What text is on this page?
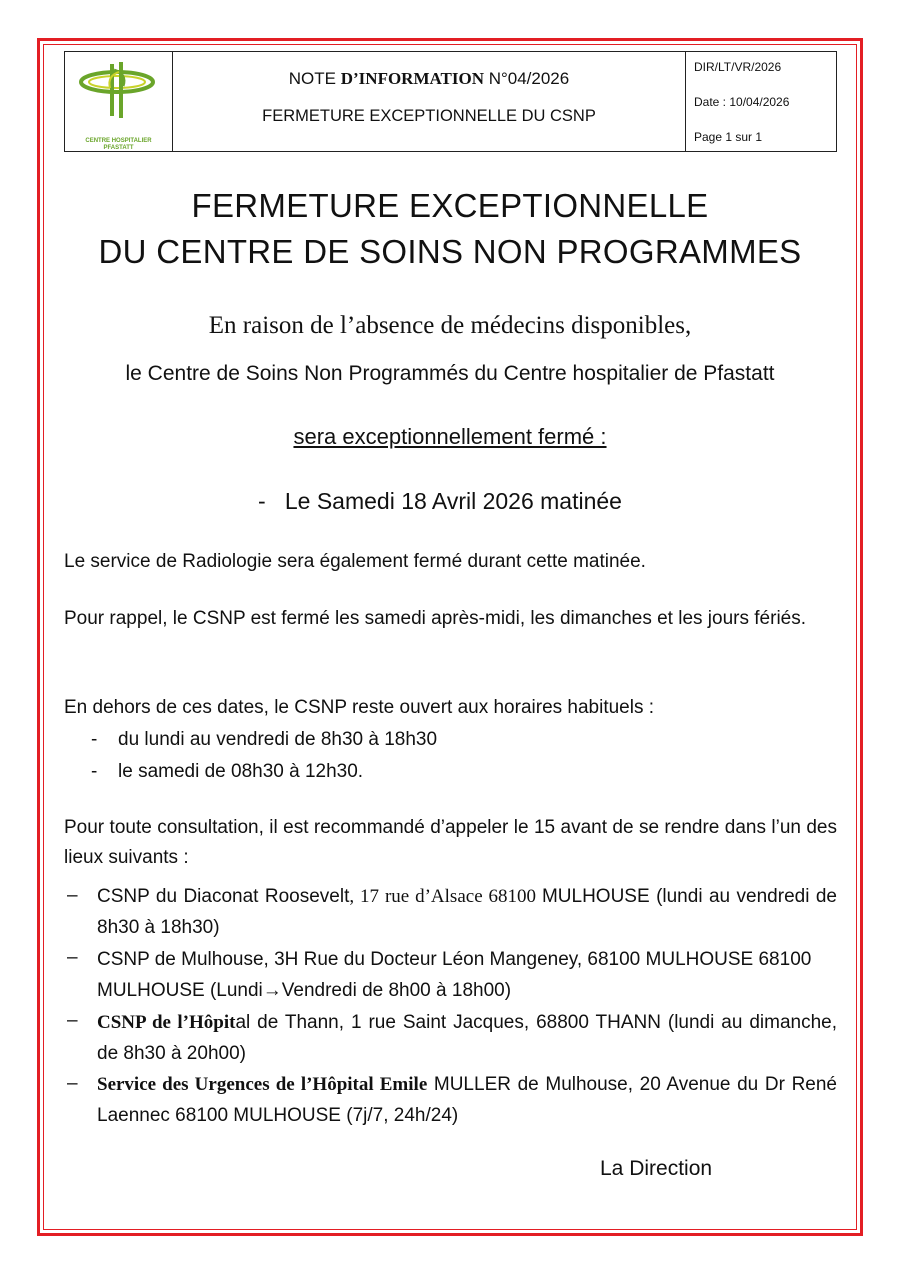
CENTRE HOSPITALIER
PFASTATT
NOTE D’INFORMATION N°04/2026
FERMETURE EXCEPTIONNELLE DU CSNP
DIR/LT/VR/2026
Date : 10/04/2026
Page 1 sur 1
FERMETURE EXCEPTIONNELLE
DU CENTRE DE SOINS NON PROGRAMMES
En raison de l’absence de médecins disponibles,
le Centre de Soins Non Programmés du Centre hospitalier de Pfastatt
sera exceptionnellement fermé :
- Le Samedi 18 Avril 2026 matinée
Le service de Radiologie sera également fermé durant cette matinée.
Pour rappel, le CSNP est fermé les samedi après-midi, les dimanches et les jours fériés.
En dehors de ces dates, le CSNP reste ouvert aux horaires habituels :
- du lundi au vendredi de 8h30 à 18h30
- le samedi de 08h30 à 12h30.
Pour toute consultation, il est recommandé d’appeler le 15 avant de se rendre dans l’un des lieux suivants :
– CSNP du Diaconat Roosevelt, 17 rue d’Alsace 68100 MULHOUSE (lundi au vendredi de 8h30 à 18h30)
– CSNP de Mulhouse, 3H Rue du Docteur Léon Mangeney, 68100 MULHOUSE 68100 MULHOUSE (Lundi→Vendredi de 8h00 à 18h00)
– CSNP de l’Hôpital de Thann, 1 rue Saint Jacques, 68800 THANN (lundi au dimanche, de 8h30 à 20h00)
– Service des Urgences de l’Hôpital Emile MULLER de Mulhouse, 20 Avenue du Dr René Laennec 68100 MULHOUSE (7j/7, 24h/24)
La Direction
